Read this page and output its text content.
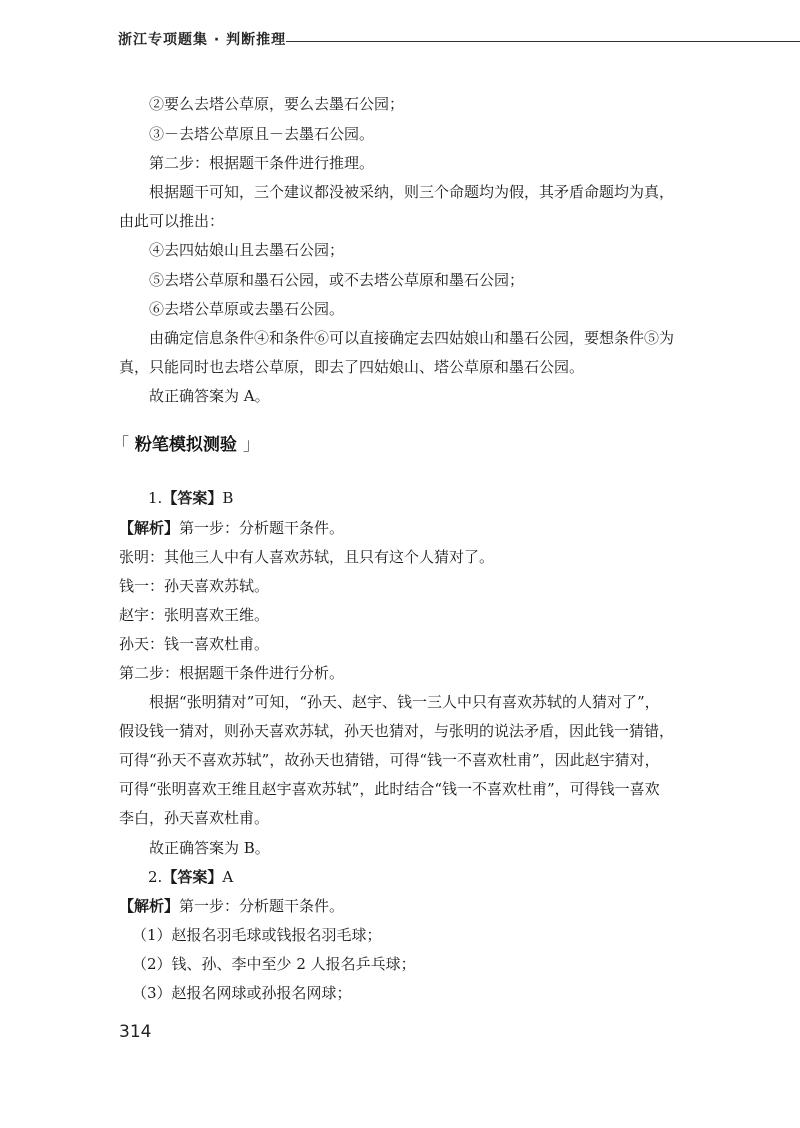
浙江专项题集 · 判断推理
②要么去塔公草原，要么去墨石公园；
③－去塔公草原且－去墨石公园。
第二步：根据题干条件进行推理。
根据题干可知，三个建议都没被采纳，则三个命题均为假，其矛盾命题均为真，
由此可以推出：
④去四姑娘山且去墨石公园；
⑤去塔公草原和墨石公园，或不去塔公草原和墨石公园；
⑥去塔公草原或去墨石公园。
由确定信息条件④和条件⑥可以直接确定去四姑娘山和墨石公园，要想条件⑤为
真，只能同时也去塔公草原，即去了四姑娘山、塔公草原和墨石公园。
故正确答案为 A。
「 粉笔模拟测验 」
1.【答案】B
【解析】第一步：分析题干条件。
张明：其他三人中有人喜欢苏轼，且只有这个人猜对了。
钱一：孙天喜欢苏轼。
赵宇：张明喜欢王维。
孙天：钱一喜欢杜甫。
第二步：根据题干条件进行分析。
根据“张明猜对”可知，“孙天、赵宇、钱一三人中只有喜欢苏轼的人猜对了”，
假设钱一猜对，则孙天喜欢苏轼，孙天也猜对，与张明的说法矛盾，因此钱一猜错，
可得“孙天不喜欢苏轼”，故孙天也猜错，可得“钱一不喜欢杜甫”，因此赵宇猜对，
可得“张明喜欢王维且赵宇喜欢苏轼”，此时结合“钱一不喜欢杜甫”，可得钱一喜欢
李白，孙天喜欢杜甫。
故正确答案为 B。
2.【答案】A
【解析】第一步：分析题干条件。
（1）赵报名羽毛球或钱报名羽毛球；
（2）钱、孙、李中至少 2 人报名乒乓球；
（3）赵报名网球或孙报名网球；
314
